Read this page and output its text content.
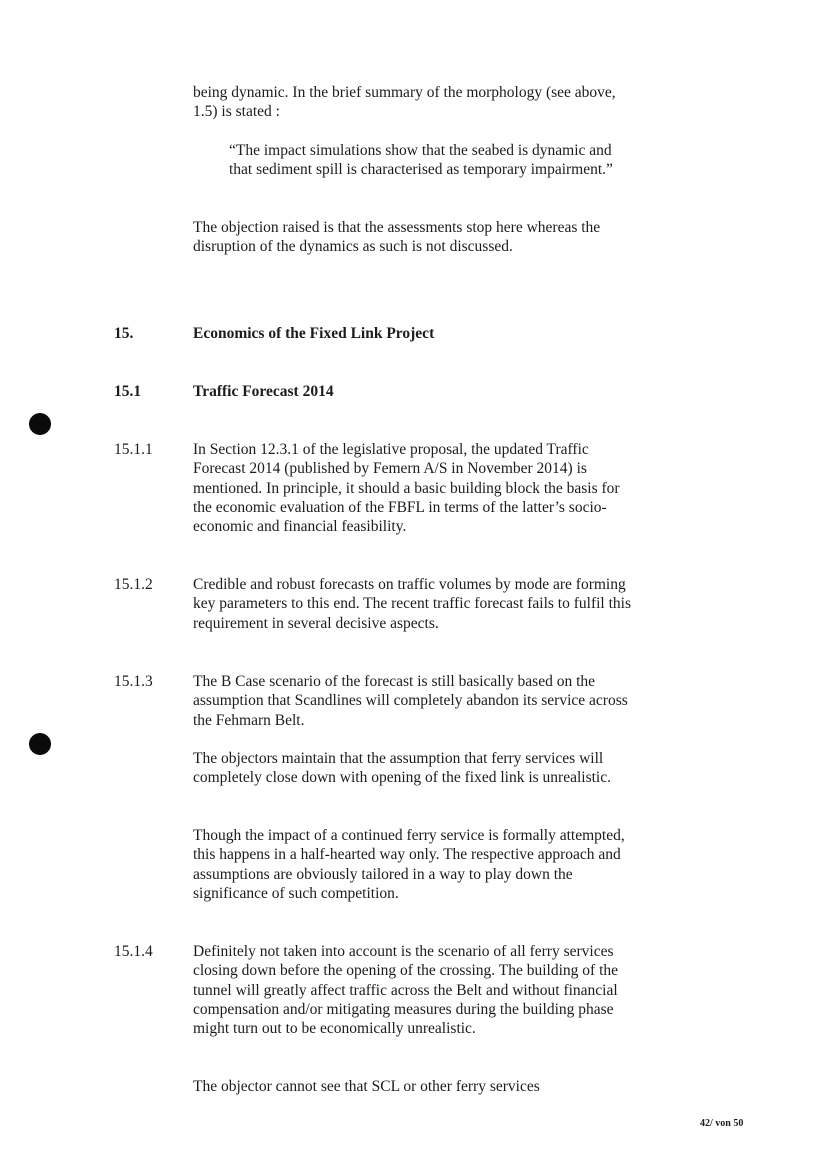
being dynamic. In the brief summary of the morphology (see above, 1.5) is stated :

“The impact simulations show that the seabed is dynamic and that sediment spill is characterised as temporary impairment.”

The objection raised is that the assessments stop here whereas the disruption of the dynamics as such is not discussed.

15.	Economics of the Fixed Link Project

15.1	Traffic Forecast 2014

15.1.1	In Section 12.3.1 of the legislative proposal, the updated Traffic Forecast 2014 (published by Femern A/S in November 2014) is mentioned. In principle, it should a basic building block the basis for the economic evaluation of the FBFL in terms of the latter’s socio-economic and financial feasibility.

15.1.2	Credible and robust forecasts on traffic volumes by mode are forming key parameters to this end. The recent traffic forecast fails to fulfil this requirement in several decisive aspects.

15.1.3	The B Case scenario of the forecast is still basically based on the assumption that Scandlines will completely abandon its service across the Fehmarn Belt.

The objectors maintain that the assumption that ferry services will completely close down with opening of the fixed link is unrealistic.

Though the impact of a continued ferry service is formally attempted, this happens in a half-hearted way only. The respective approach and assumptions are obviously tailored in a way to play down the significance of such competition.

15.1.4	Definitely not taken into account is the scenario of all ferry services closing down before the opening of the crossing. The building of the tunnel will greatly affect traffic across the Belt and without financial compensation and/or mitigating measures during the building phase might turn out to be economically unrealistic.

The objector cannot see that SCL or other ferry services

42/ von 50
